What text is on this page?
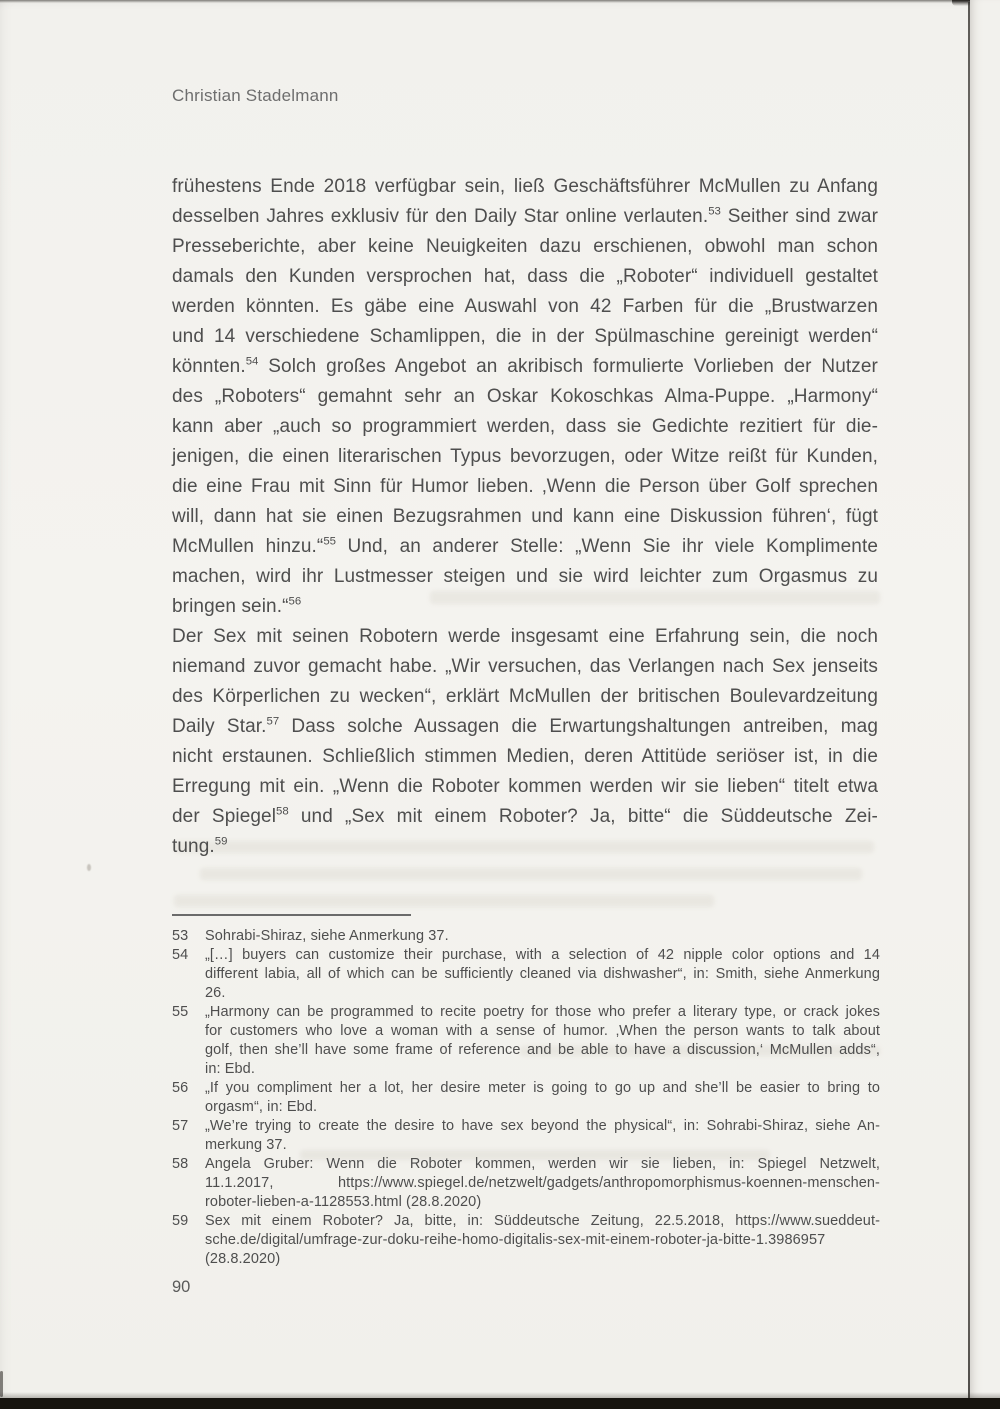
Christian Stadelmann
frühestens Ende 2018 verfügbar sein, ließ Geschäftsführer McMullen zu Anfang
desselben Jahres exklusiv für den Daily Star online verlauten.$^{53}$ Seither sind zwar
Presseberichte, aber keine Neuigkeiten dazu erschienen, obwohl man schon
damals den Kunden versprochen hat, dass die „Roboter“ individuell gestaltet
werden könnten. Es gäbe eine Auswahl von 42 Farben für die „Brustwarzen
und 14 verschiedene Schamlippen, die in der Spülmaschine gereinigt werden“
könnten.$^{54}$ Solch großes Angebot an akribisch formulierte Vorlieben der Nutzer
des „Roboters“ gemahnt sehr an Oskar Kokoschkas Alma-Puppe. „Harmony“
kann aber „auch so programmiert werden, dass sie Gedichte rezitiert für die-
jenigen, die einen literarischen Typus bevorzugen, oder Witze reißt für Kunden,
die eine Frau mit Sinn für Humor lieben. ‚Wenn die Person über Golf sprechen
will, dann hat sie einen Bezugsrahmen und kann eine Diskussion führen‘, fügt
McMullen hinzu.“$^{55}$ Und, an anderer Stelle: „Wenn Sie ihr viele Komplimente
machen, wird ihr Lustmesser steigen und sie wird leichter zum Orgasmus zu
bringen sein.“$^{56}$
Der Sex mit seinen Robotern werde insgesamt eine Erfahrung sein, die noch
niemand zuvor gemacht habe. „Wir versuchen, das Verlangen nach Sex jenseits
des Körperlichen zu wecken“, erklärt McMullen der britischen Boulevardzeitung
Daily Star.$^{57}$ Dass solche Aussagen die Erwartungshaltungen antreiben, mag
nicht erstaunen. Schließlich stimmen Medien, deren Attitüde seriöser ist, in die
Erregung mit ein. „Wenn die Roboter kommen werden wir sie lieben“ titelt etwa
der Spiegel$^{58}$ und „Sex mit einem Roboter? Ja, bitte“ die Süddeutsche Zei-
tung.$^{59}$
53	Sohrabi-Shiraz, siehe Anmerkung 37.
54	„[…] buyers can customize their purchase, with a selection of 42 nipple color options and 14
different labia, all of which can be sufficiently cleaned via dishwasher“, in: Smith, siehe Anmerkung
26.
55	„Harmony can be programmed to recite poetry for those who prefer a literary type, or crack jokes
for customers who love a woman with a sense of humor. ‚When the person wants to talk about
golf, then she’ll have some frame of reference and be able to have a discussion,‘ McMullen adds“,
in: Ebd.
56	„If you compliment her a lot, her desire meter is going to go up and she’ll be easier to bring to
orgasm“, in: Ebd.
57	„We’re trying to create the desire to have sex beyond the physical“, in: Sohrabi-Shiraz, siehe An-
merkung 37.
58	Angela Gruber: Wenn die Roboter kommen, werden wir sie lieben, in: Spiegel Netzwelt,
11.1.2017, https://www.spiegel.de/netzwelt/gadgets/anthropomorphismus-koennen-menschen-
roboter-lieben-a-1128553.html (28.8.2020)
59	Sex mit einem Roboter? Ja, bitte, in: Süddeutsche Zeitung, 22.5.2018, https://www.sueddeut-
sche.de/digital/umfrage-zur-doku-reihe-homo-digitalis-sex-mit-einem-roboter-ja-bitte-1.3986957
(28.8.2020)
90
